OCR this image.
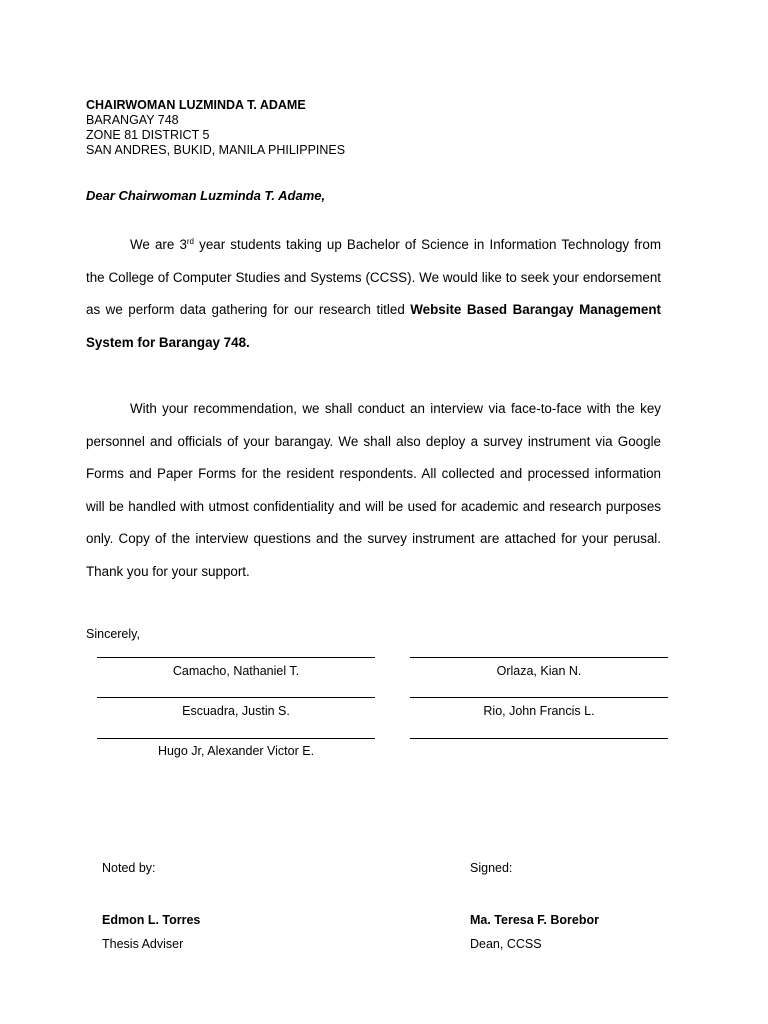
CHAIRWOMAN LUZMINDA T. ADAME
BARANGAY 748
ZONE 81 DISTRICT 5
SAN ANDRES, BUKID, MANILA PHILIPPINES
Dear Chairwoman Luzminda T. Adame,
We are 3rd year students taking up Bachelor of Science in Information Technology from the College of Computer Studies and Systems (CCSS). We would like to seek your endorsement as we perform data gathering for our research titled Website Based Barangay Management System for Barangay 748.
With your recommendation, we shall conduct an interview via face-to-face with the key personnel and officials of your barangay. We shall also deploy a survey instrument via Google Forms and Paper Forms for the resident respondents. All collected and processed information will be handled with utmost confidentiality and will be used for academic and research purposes only. Copy of the interview questions and the survey instrument are attached for your perusal. Thank you for your support.
Sincerely,
Camacho, Nathaniel T.
Escuadra, Justin S.
Hugo Jr, Alexander Victor E.
Orlaza, Kian N.
Rio, John Francis L.
Noted by:
Edmon L. Torres
Thesis Adviser
Signed:
Ma. Teresa F. Borebor
Dean, CCSS
